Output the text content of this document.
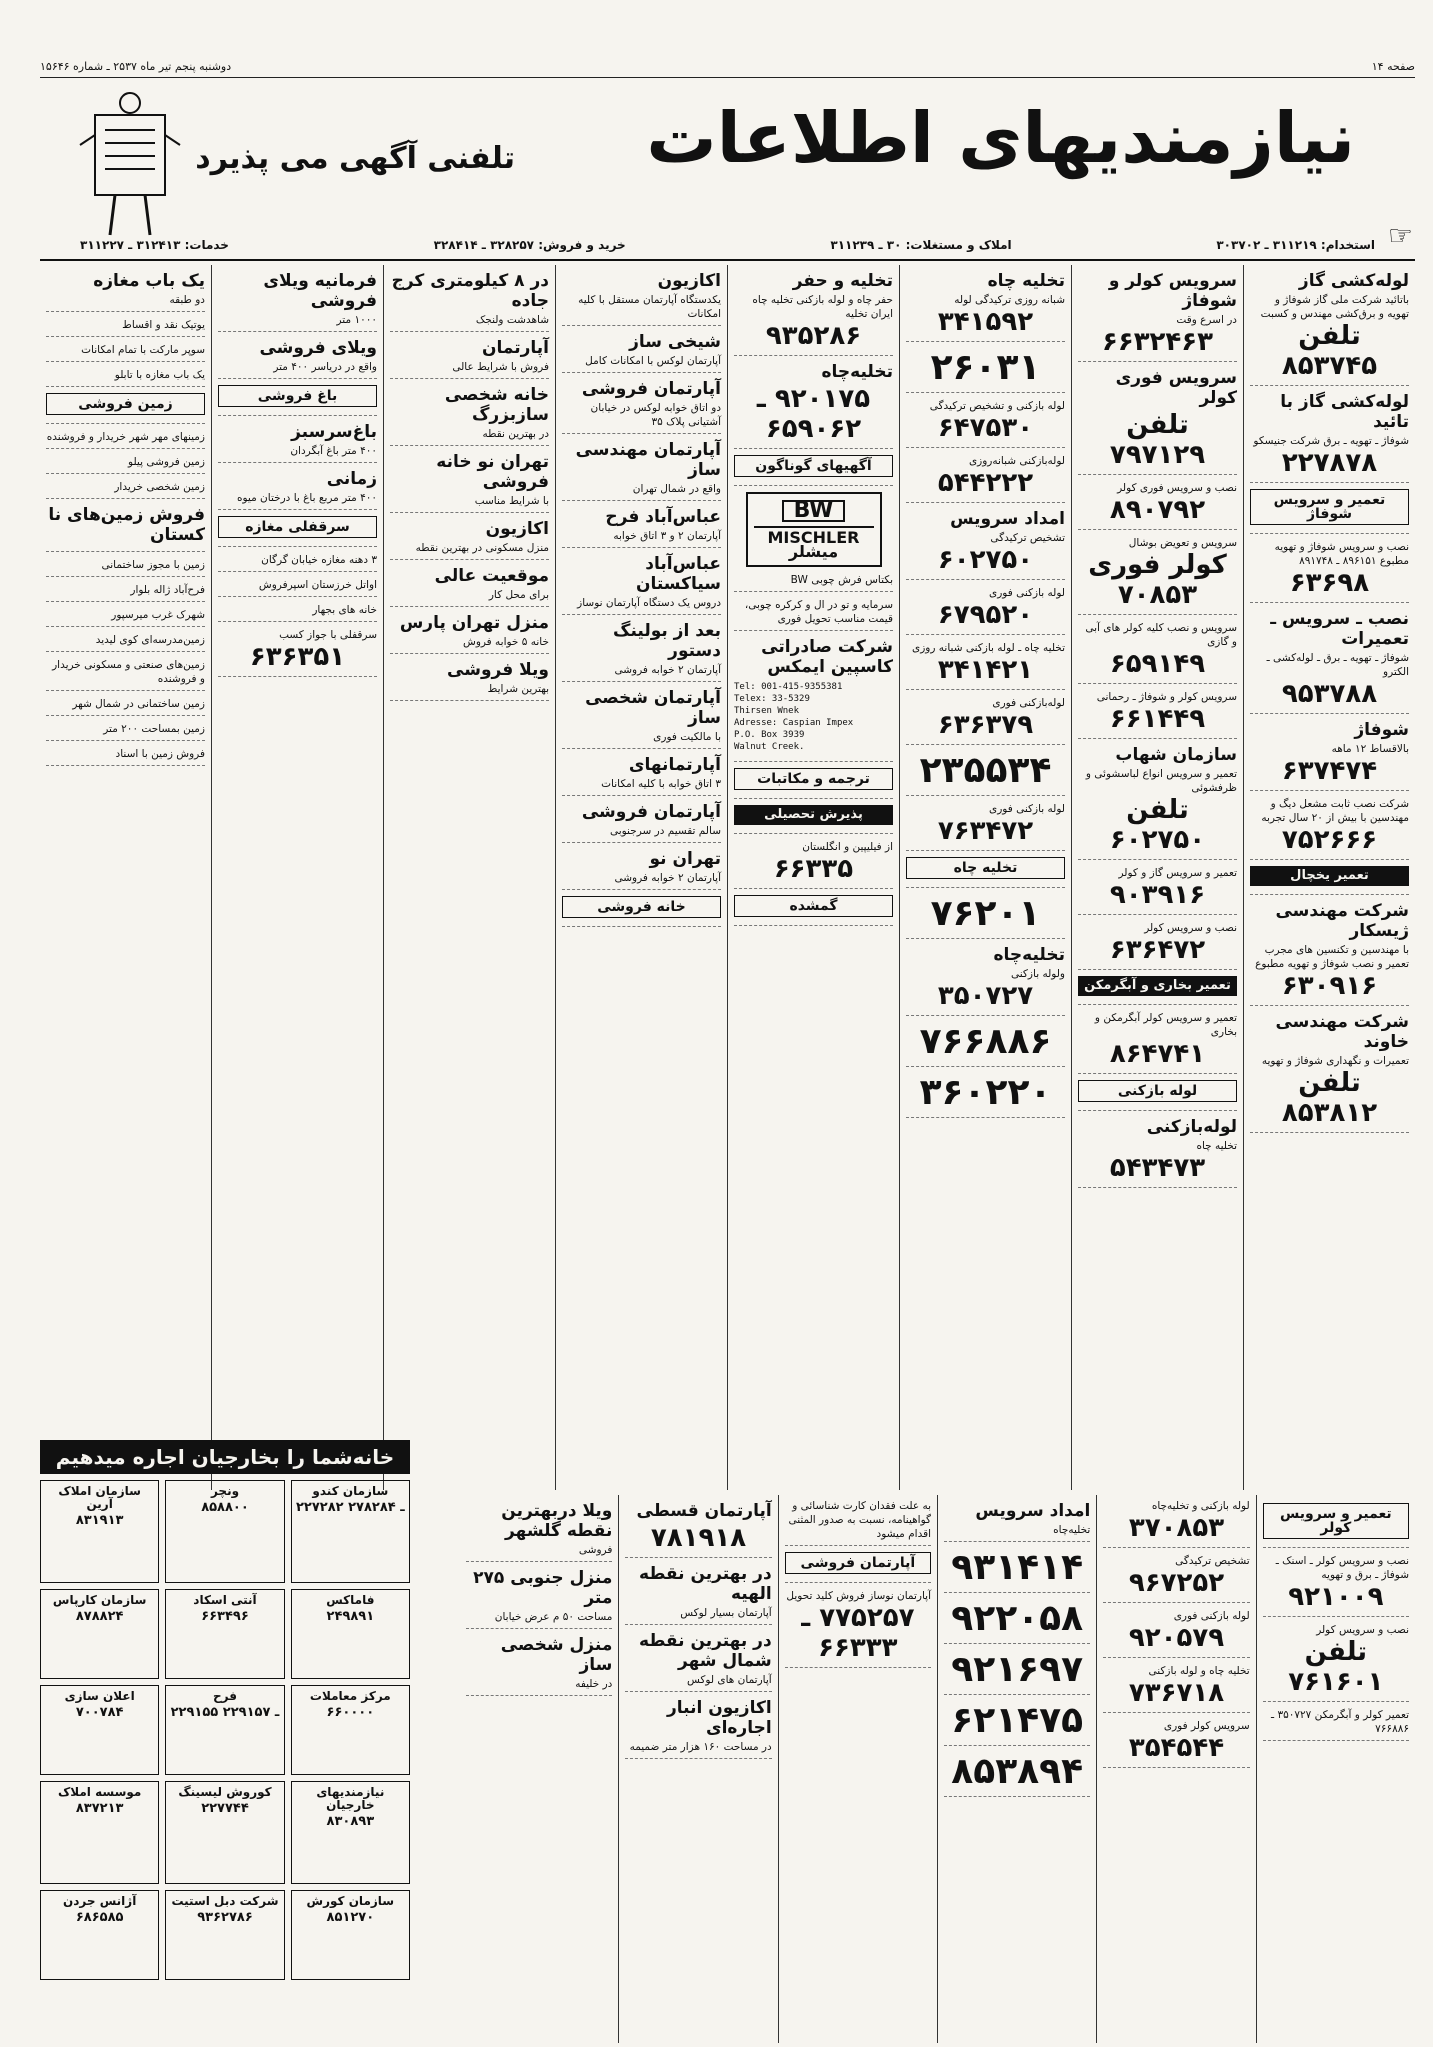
صفحه ۱۴
دوشنبه پنجم تیر ماه ۲۵۳۷ ـ شماره ۱۵۶۴۶
نیازمندیهای اطلاعات
تلفنی آگهی می پذیرد
☞
استخدام: ۳۱۱۲۱۹ ـ ۳۰۳۷۰۲
املاک و مستغلات: ۳۰ ـ ۳۱۱۲۳۹
خرید و فروش: ۳۲۸۲۵۷ ـ ۳۲۸۴۱۴
خدمات: ۳۱۲۴۱۳ ـ ۳۱۱۲۲۷
لوله‌کشی گاز
باتائید شرکت ملی گاز شوفاژ و تهویه و برق‌کشی مهندس و کسبت
تلفن ۸۵۳۷۴۵
لوله‌کشی گاز با تائید
شوفاژ ـ تهویه ـ برق شرکت جنیسکو
۲۲۷۸۷۸
تعمیر و سرویس شوفاژ
نصب و سرویس شوفاژ و تهویه مطبوع ۸۹۶۱۵۱ ـ ۸۹۱۷۴۸
۶۳۶۹۸
نصب ـ سرویس ـ تعمیرات
شوفاژ ـ تهویه ـ برق ـ لوله‌کشی ـ الکترو
۹۵۳۷۸۸
شوفاژ
بالاقساط ۱۲ ماهه
۶۳۷۴۷۴
شرکت نصب ثابت مشعل دیگ و مهندسین با بیش از ۲۰ سال تجربه
۷۵۲۶۶۶
تعمیر یخچال
شرکت مهندسی ژیسکار
با مهندسین و تکنسین های مجرب تعمیر و نصب شوفاژ و تهویه مطبوع
۶۳۰۹۱۶
شرکت مهندسی خاوند
تعمیرات و نگهداری شوفاژ و تهویه
تلفن ۸۵۳۸۱۲
سرویس کولر و شوفاژ
در اسرع وقت
۶۶۳۲۴۶۳
سرویس فوری کولر
تلفن ۷۹۷۱۲۹
نصب و سرویس فوری کولر
۸۹۰۷۹۲
سرویس و تعویض بوشال
کولر فوری ۷۰۸۵۳
سرویس و نصب کلیه کولر های آبی و گازی
۶۵۹۱۴۹
سرویس کولر و شوفاژ ـ رحمانی
۶۶۱۴۴۹
سازمان شهاب
تعمیر و سرویس انواع لباسشوئی و ظرفشوئی
تلفن ۶۰۲۷۵۰
تعمیر و سرویس گاز و کولر
۹۰۳۹۱۶
نصب و سرویس کولر
۶۳۶۴۷۲
تعمیر بخاری و آبگرمکن
تعمیر و سرویس کولر آبگرمکن و بخاری
۸۶۴۷۴۱
لوله بازکنی
لوله‌بازکنی
تخلیه چاه
۵۴۳۴۷۳
تخلیه چاه
شبانه روزی ترکیدگی لوله
۳۴۱۵۹۲
۲۶۰۳۱
لوله بازکنی و تشخیص ترکیدگی
۶۴۷۵۳۰
لوله‌بازکنی شبانه‌روزی
۵۴۴۲۲۲
امداد سرویس
تشخیص ترکیدگی
۶۰۲۷۵۰
لوله بازکنی فوری
۶۷۹۵۲۰
تخلیه چاه ـ لوله بازکنی شبانه روزی
۳۴۱۴۲۱
لوله‌بازکنی فوری
۶۳۶۳۷۹
۲۳۵۵۳۴
لوله بازکنی فوری
۷۶۳۴۷۲
تخلیه چاه
۷۶۲۰۱
تخلیه‌چاه
ولوله بازکنی
۳۵۰۷۲۷
۷۶۶۸۸۶
۳۶۰۲۲۰
تخلیه و حفر
حفر چاه و لوله بازکنی تخلیه چاه ایران تخلیه
۹۳۵۲۸۶
تخلیه‌چاه
۹۲۰۱۷۵ ـ ۶۵۹۰۶۲
آگهیهای گوناگون
BW
MISCHLER میشلر
بکتاس فرش چوبی BW
سرمایه و تو در ال و کرکره چوبی، قیمت مناسب تحویل فوری
شرکت صادراتی کاسپین ایمکس
Tel: 001-415-9355381
Telex: 33-5329
Thirsen Wnek
Adresse: Caspian Impex
P.O. Box 3939
Walnut Creek.
ترجمه و مکاتبات
پذیرش تحصیلی
از فیلیپین و انگلستان
۶۶۳۳۵
گمشده
اکازیون
یکدستگاه آپارتمان مستقل با کلیه امکانات
شیخی ساز
آپارتمان لوکس با امکانات کامل
آپارتمان فروشی
دو اتاق خوابه لوکس در خیابان آشتیانی پلاک ۳۵
آپارتمان مهندسی ساز
واقع در شمال تهران
عباس‌آباد فرح
آپارتمان ۲ و ۳ اتاق خوابه
عباس‌آباد سیاکستان
دروس یک دستگاه آپارتمان نوساز
بعد از بولینگ دستور
آپارتمان ۲ خوابه فروشی
آپارتمان شخصی ساز
با مالکیت فوری
آپارتمانهای
۳ اتاق خوابه با کلیه امکانات
آپارتمان فروشی
سالم تقسیم در سرجنوبی
تهران نو
آپارتمان ۲ خوابه فروشی
خانه فروشی
در ۸ کیلومتری کرج جاده
شاهدشت ولنجک
آپارتمان
فروش با شرایط عالی
خانه شخصی سازبزرگ
در بهترین نقطه
تهران نو خانه فروشی
با شرایط مناسب
اکازیون
منزل مسکونی در بهترین نقطه
موقعیت عالی
برای محل کار
منزل تهران پارس
خانه ۵ خوابه فروش
ویلا فروشی
بهترین شرایط
فرمانیه ویلای فروشی
۱۰۰۰ متر
ویلای فروشی
واقع در دریاسر ۴۰۰ متر
باغ فروشی
باغ‌سرسبز
۴۰۰ متر باغ آبگردان
زمانی
۴۰۰ متر مربع باغ با درختان میوه
سرقفلی مغازه
۳ دهنه مغازه خیابان گرگان
اواتل خرزستان اسپرفروش
خانه هاى بجهار
سرقفلی با جواز کسب
۶۳۶۳۵۱
یک باب مغازه
دو طبقه
یوتیک نقد و اقساط
سوپر مارکت با تمام امکانات
یک باب مغازه با تابلو
زمین فروشی
زمینهای مهر شهر خریدار و فروشنده
زمین فروشی پیلو
زمین شخصی خریدار
فروش زمین‌های نا کستان
زمین با مجوز ساختمانی
فرح‌آباد ژاله بلوار
شهرک غرب میرسپور
زمین‌مدرسه‌ای کوی لیدید
زمین‌های صنعتی و مسکونی خریدار و فروشنده
زمین ساختمانی در شمال شهر
زمین بمساحت ۲۰۰ متر
فروش زمین با اسناد
تعمیر و سرویس کولر
نصب و سرویس کولر ـ اسنک ـ شوفاژ ـ برق و تهویه
۹۲۱۰۰۹
نصب و سرویس کولر
تلفن ۷۶۱۶۰۱
تعمیر کولر و آبگرمکن ۳۵۰۷۲۷ ـ ۷۶۶۸۸۶
لوله بازکنی و تخلیه‌چاه
۳۷۰۸۵۳
تشخیص ترکیدگی
۹۶۷۲۵۲
لوله بازکنی فوری
۹۲۰۵۷۹
تخلیه چاه و لوله بازکنی
۷۳۶۷۱۸
سرویس کولر فوری
۳۵۴۵۴۴
امداد سرویس
تخلیه‌چاه
۹۳۱۴۱۴
۹۲۲۰۵۸
۹۲۱۶۹۷
۶۲۱۴۷۵
۸۵۳۸۹۴
به علت فقدان کارت شناسائی و گواهینامه، نسبت به صدور المثنی اقدام میشود
آپارتمان فروشی
آپارتمان نوساز فروش کلید تحویل
۷۷۵۲۵۷ ـ ۶۶۳۳۳
آپارتمان قسطی
۷۸۱۹۱۸
در بهترین نقطه الهیه
آپارتمان بسیار لوکس
در بهترین نقطه شمال شهر
آپارتمان های لوکس
اکازیون انبار اجاره‌ای
در مساحت ۱۶۰ هزار متر ضمیمه
ویلا دربهترین نقطه گلشهر
فروشی
منزل جنوبی ۲۷۵ متر
مساحت ۵۰ م عرض خیابان
منزل شخصی ساز
در خلیفه
خانه‌شما را بخارجیان اجاره میدهیم
سازمان املاک آرین
۸۳۱۹۱۳
ونچر
۸۵۸۸۰۰
سازمان کندو
۲۲۷۲۸۲ ـ ۲۷۸۲۸۴
سازمان کارپاس
۸۷۸۸۲۴
آنتی اسکاد
۶۶۳۴۹۶
فاماکس
۲۴۹۸۹۱
اعلان سازی
۷۰۰۷۸۴
فرح
۲۲۹۱۵۵ ـ ۲۲۹۱۵۷
مرکز معاملات
۶۶۰۰۰۰
موسسه املاک
۸۳۷۲۱۳
کوروش لیسینگ
۲۲۷۷۴۴
نیازمندیهای خارجیان
۸۳۰۸۹۳
آژانس جردن
۶۸۶۵۸۵
شرکت دبل استیت
۹۳۶۲۷۸۶
سازمان کورش
۸۵۱۲۷۰
